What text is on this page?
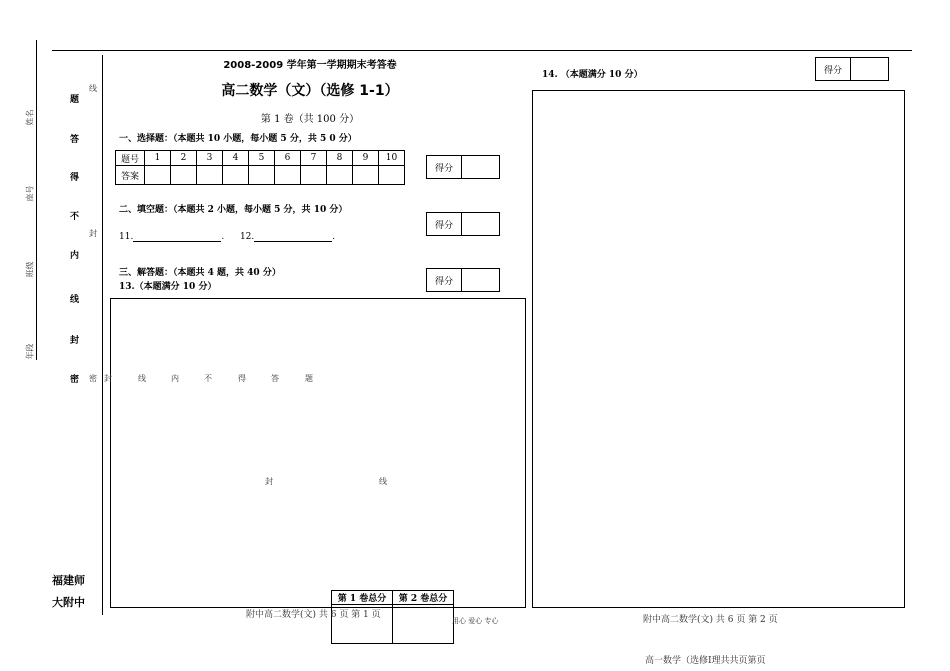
姓名
座号
班级
年段
题
答
得
不
内
线
封
密
线
封
密
福建师
大附中
2008-2009 学年第一学期期末考答卷
高二数学（文）（选修 1-1）
第 1 卷（共 100 分）
一、选择题：（本题共 10 小题，每小题 5 分，共 5 0 分）
题号	1	2	3	4	5	6	7	8	9	10
答案										
得分
二、填空题：（本题共 2 小题，每小题 5 分，共 10 分）
得分
11.	. 12.	.
三、解答题：（本题共 4 题，共 40 分）
13.（本题满分 10 分）
得分
封	线	内	不	得	答	题
封	线
第 1 卷总分	第 2 卷总分

附中高二数学(文) 共 6 页 第 1 页
用心 爱心 专心
14. （本题满分 10 分）	得分
附中高二数学(文) 共 6 页 第 2 页
高一数学（选修Ⅰ理共共页第页
